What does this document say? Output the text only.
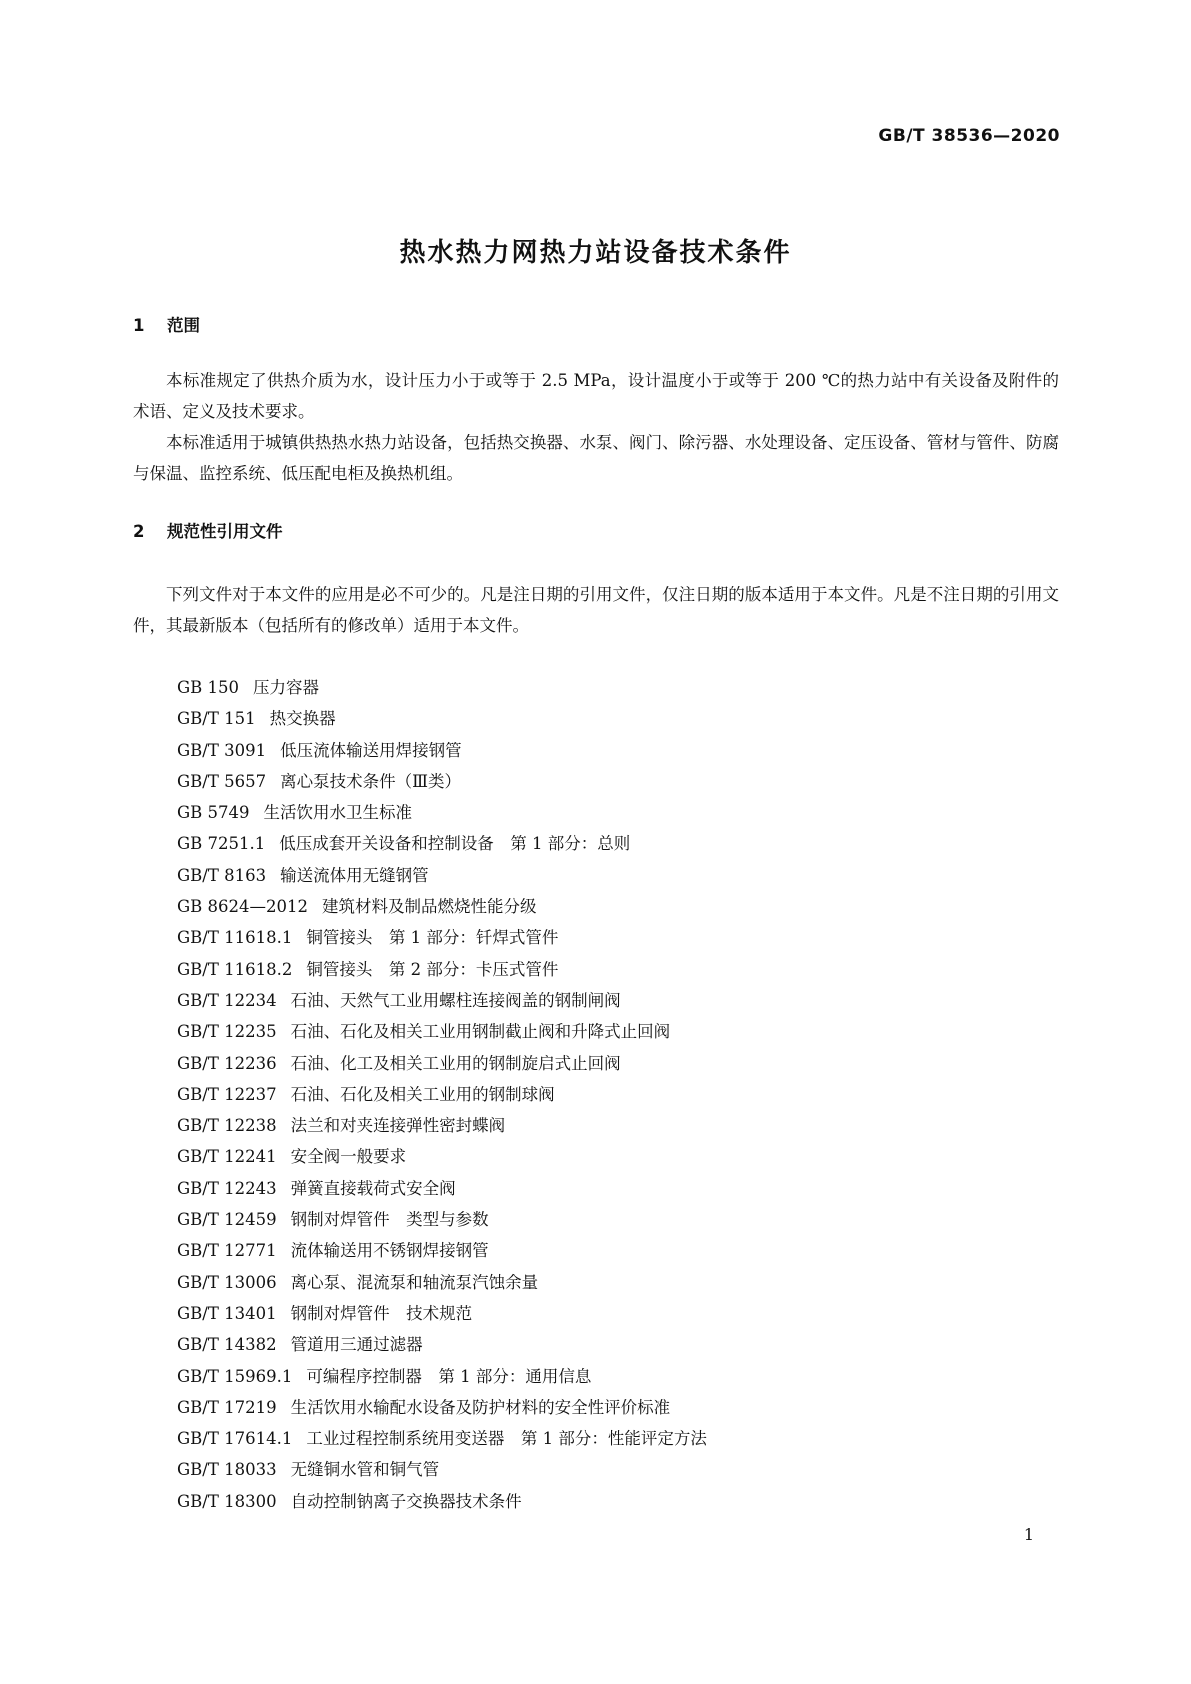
GB/T 38536—2020
热水热力网热力站设备技术条件
1 范围

本标准规定了供热介质为水，设计压力小于或等于 2.5 MPa，设计温度小于或等于 200 ℃的热力站中有关设备及附件的术语、定义及技术要求。

本标准适用于城镇供热热水热力站设备，包括热交换器、水泵、阀门、除污器、水处理设备、定压设备、管材与管件、防腐与保温、监控系统、低压配电柜及换热机组。

2 规范性引用文件

下列文件对于本文件的应用是必不可少的。凡是注日期的引用文件，仅注日期的版本适用于本文件。凡是不注日期的引用文件，其最新版本（包括所有的修改单）适用于本文件。

GB 150 压力容器
GB/T 151 热交换器
GB/T 3091 低压流体输送用焊接钢管
GB/T 5657 离心泵技术条件（Ⅲ类）
GB 5749 生活饮用水卫生标准
GB 7251.1 低压成套开关设备和控制设备　第 1 部分：总则
GB/T 8163 输送流体用无缝钢管
GB 8624—2012 建筑材料及制品燃烧性能分级
GB/T 11618.1 铜管接头　第 1 部分：钎焊式管件
GB/T 11618.2 铜管接头　第 2 部分：卡压式管件
GB/T 12234 石油、天然气工业用螺柱连接阀盖的钢制闸阀
GB/T 12235 石油、石化及相关工业用钢制截止阀和升降式止回阀
GB/T 12236 石油、化工及相关工业用的钢制旋启式止回阀
GB/T 12237 石油、石化及相关工业用的钢制球阀
GB/T 12238 法兰和对夹连接弹性密封蝶阀
GB/T 12241 安全阀一般要求
GB/T 12243 弹簧直接载荷式安全阀
GB/T 12459 钢制对焊管件　类型与参数
GB/T 12771 流体输送用不锈钢焊接钢管
GB/T 13006 离心泵、混流泵和轴流泵汽蚀余量
GB/T 13401 钢制对焊管件　技术规范
GB/T 14382 管道用三通过滤器
GB/T 15969.1 可编程序控制器　第 1 部分：通用信息
GB/T 17219 生活饮用水输配水设备及防护材料的安全性评价标准
GB/T 17614.1 工业过程控制系统用变送器　第 1 部分：性能评定方法
GB/T 18033 无缝铜水管和铜气管
GB/T 18300 自动控制钠离子交换器技术条件
1
